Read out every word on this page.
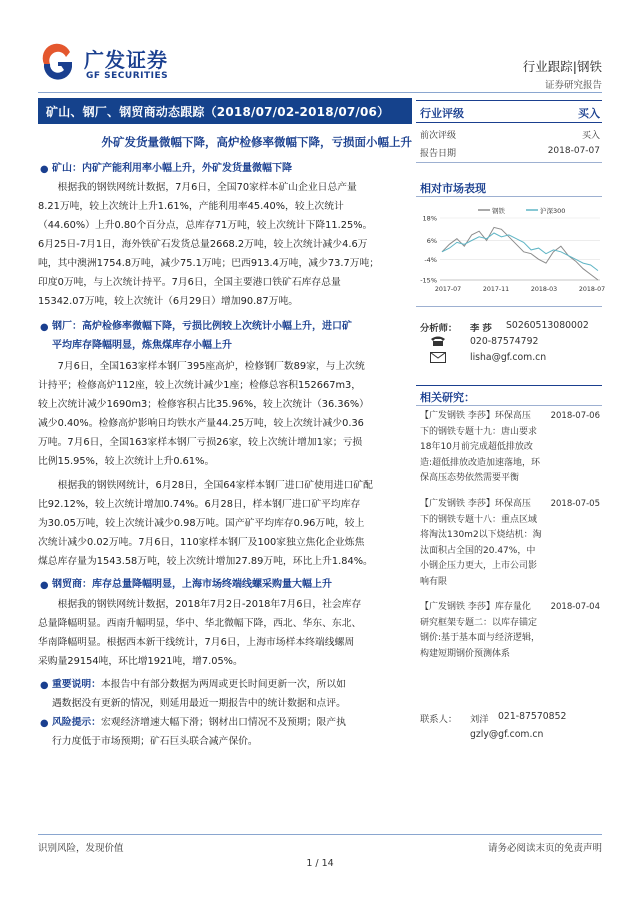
广发证券
GF SECURITIES
行业跟踪|钢铁
证券研究报告
矿山、钢厂、钢贸商动态跟踪（2018/07/02-2018/07/06）
外矿发货量微幅下降，高炉检修率微幅下降，亏损面小幅上升
● 矿山：内矿产能利用率小幅上升，外矿发货量微幅下降
根据我的钢铁网统计数据，7月6日，全国70家样本矿山企业日总产量
8.21万吨，较上次统计上升1.61%，产能利用率45.40%，较上次统计
（44.60%）上升0.80个百分点，总库存71万吨，较上次统计下降11.25%。
6月25日-7月1日，海外铁矿石发货总量2668.2万吨，较上次统计减少4.6万
吨，其中澳洲1754.8万吨，减少75.1万吨；巴西913.4万吨，减少73.7万吨；
印度0万吨，与上次统计持平。7月6日，全国主要港口铁矿石库存总量
15342.07万吨，较上次统计（6月29日）增加90.87万吨。
● 钢厂：高炉检修率微幅下降，亏损比例较上次统计小幅上升，进口矿
平均库存降幅明显，炼焦煤库存小幅上升
7月6日，全国163家样本钢厂395座高炉，检修钢厂数89家，与上次统
计持平；检修高炉112座，较上次统计减少1座；检修总容积152667m3，
较上次统计减少1690m3；检修容积占比35.96%，较上次统计（36.36%）
减少0.40%。检修高炉影响日均铁水产量44.25万吨，较上次统计减少0.36
万吨。7月6日，全国163家样本钢厂亏损26家，较上次统计增加1家；亏损
比例15.95%，较上次统计上升0.61%。
根据我的钢铁网统计，6月28日，全国64家样本钢厂进口矿使用进口矿配
比92.12%，较上次统计增加0.74%。6月28日，样本钢厂进口矿平均库存
为30.05万吨，较上次统计减少0.98万吨。国产矿平均库存0.96万吨，较上
次统计减少0.02万吨。7月6日，110家样本钢厂及100家独立焦化企业炼焦
煤总库存量为1543.58万吨，较上次统计增加27.89万吨，环比上升1.84%。
● 钢贸商：库存总量降幅明显，上海市场终端线螺采购量大幅上升
根据我的钢铁网统计数据，2018年7月2日-2018年7月6日，社会库存
总量降幅明显。西南升幅明显，华中、华北微幅下降，西北、华东、东北、
华南降幅明显。根据西本新干线统计，7月6日，上海市场样本终端线螺周
采购量29154吨，环比增1921吨，增7.05%。
● 重要说明：本报告中有部分数据为两周或更长时间更新一次，所以如
遇数据没有更新的情况，则延用最近一期报告中的统计数据和点评。
● 风险提示：宏观经济增速大幅下滑；钢材出口情况不及预期；限产执
行力度低于市场预期；矿石巨头联合减产保价。
行业评级	买入
前次评级	买入
报告日期	2018-07-07
相对市场表现
钢铁	沪深300
18%
6%
-4%
-15%
2017-07	2017-11	2018-03	2018-07
分析师： 李 莎 S0260513080002
020-87574792
lisha@gf.com.cn
相关研究：
【广发钢铁 李莎】环保高压
下的钢铁专题十九：唐山要求
18年10月前完成超低排放改
造:超低排放改造加速落地，环
保高压态势依然需要平衡
2018-07-06
【广发钢铁 李莎】环保高压
下的钢铁专题十八：重点区域
将淘汰130m2以下烧结机：淘
汰面积占全国的20.47%，中
小钢企压力更大，上市公司影
响有限
2018-07-05
【广发钢铁 李莎】库存量化
研究框架专题二：以库存锚定
钢价:基于基本面与经济逻辑，
构建短期钢价预测体系
2018-07-04
联系人： 刘洋 021-87570852
gzly@gf.com.cn
识别风险，发现价值	请务必阅读末页的免责声明
1 / 14
